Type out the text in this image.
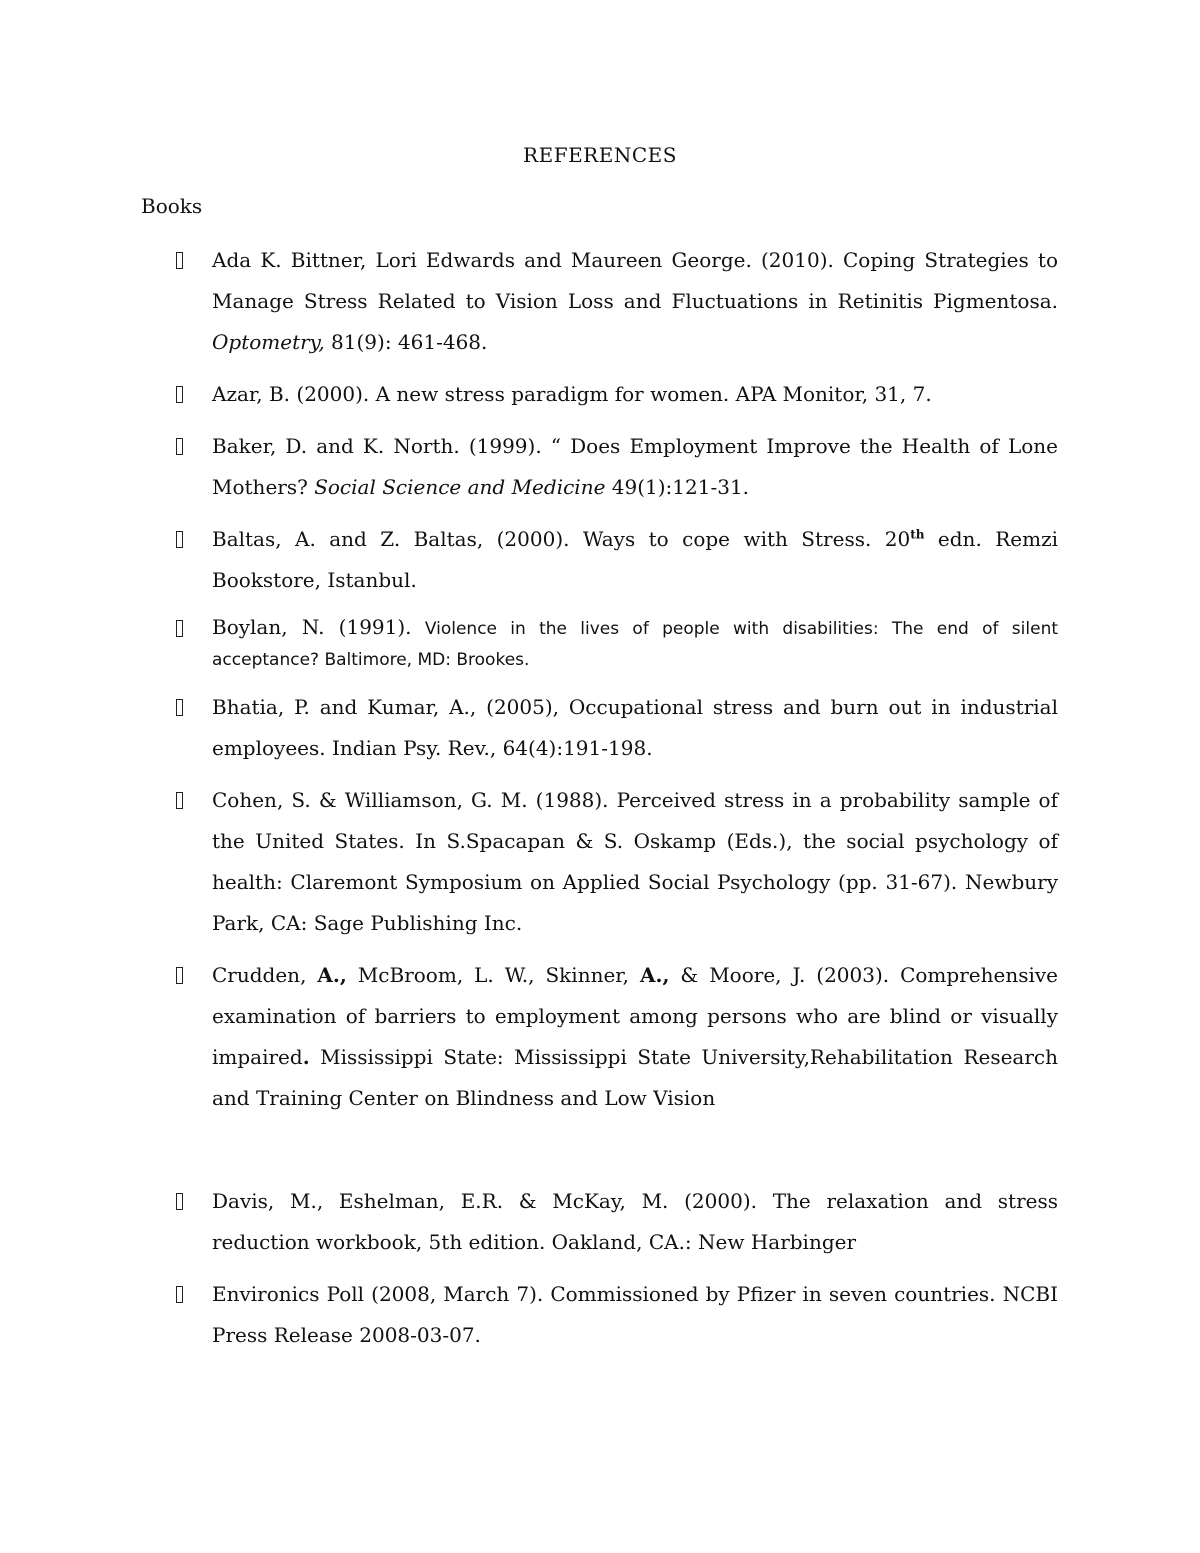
REFERENCES
Books
Ada K. Bittner, Lori Edwards and Maureen George. (2010). Coping Strategies to Manage Stress Related to Vision Loss and Fluctuations in Retinitis Pigmentosa. Optometry, 81(9): 461-468.
Azar, B. (2000). A new stress paradigm for women. APA Monitor, 31, 7.
Baker, D. and K. North. (1999). “ Does Employment Improve the Health of Lone Mothers? Social Science and Medicine 49(1):121-31.
Baltas, A. and Z. Baltas, (2000). Ways to cope with Stress. 20th edn. Remzi Bookstore, Istanbul.
Boylan, N. (1991). Violence in the lives of people with disabilities: The end of silent acceptance? Baltimore, MD: Brookes.
Bhatia, P. and Kumar, A., (2005), Occupational stress and burn out in industrial employees. Indian Psy. Rev., 64(4):191-198.
Cohen, S. & Williamson, G. M. (1988). Perceived stress in a probability sample of the United States. In S.Spacapan & S. Oskamp (Eds.), the social psychology of health: Claremont Symposium on Applied Social Psychology (pp. 31-67). Newbury Park, CA: Sage Publishing Inc.
Crudden, A., McBroom, L. W., Skinner, A., & Moore, J. (2003). Comprehensive examination of barriers to employment among persons who are blind or visually impaired. Mississippi State: Mississippi State University,Rehabilitation Research and Training Center on Blindness and Low Vision
Davis, M., Eshelman, E.R. & McKay, M. (2000). The relaxation and stress reduction workbook, 5th edition. Oakland, CA.: New Harbinger
Environics Poll (2008, March 7). Commissioned by Pfizer in seven countries. NCBI Press Release 2008-03-07.
